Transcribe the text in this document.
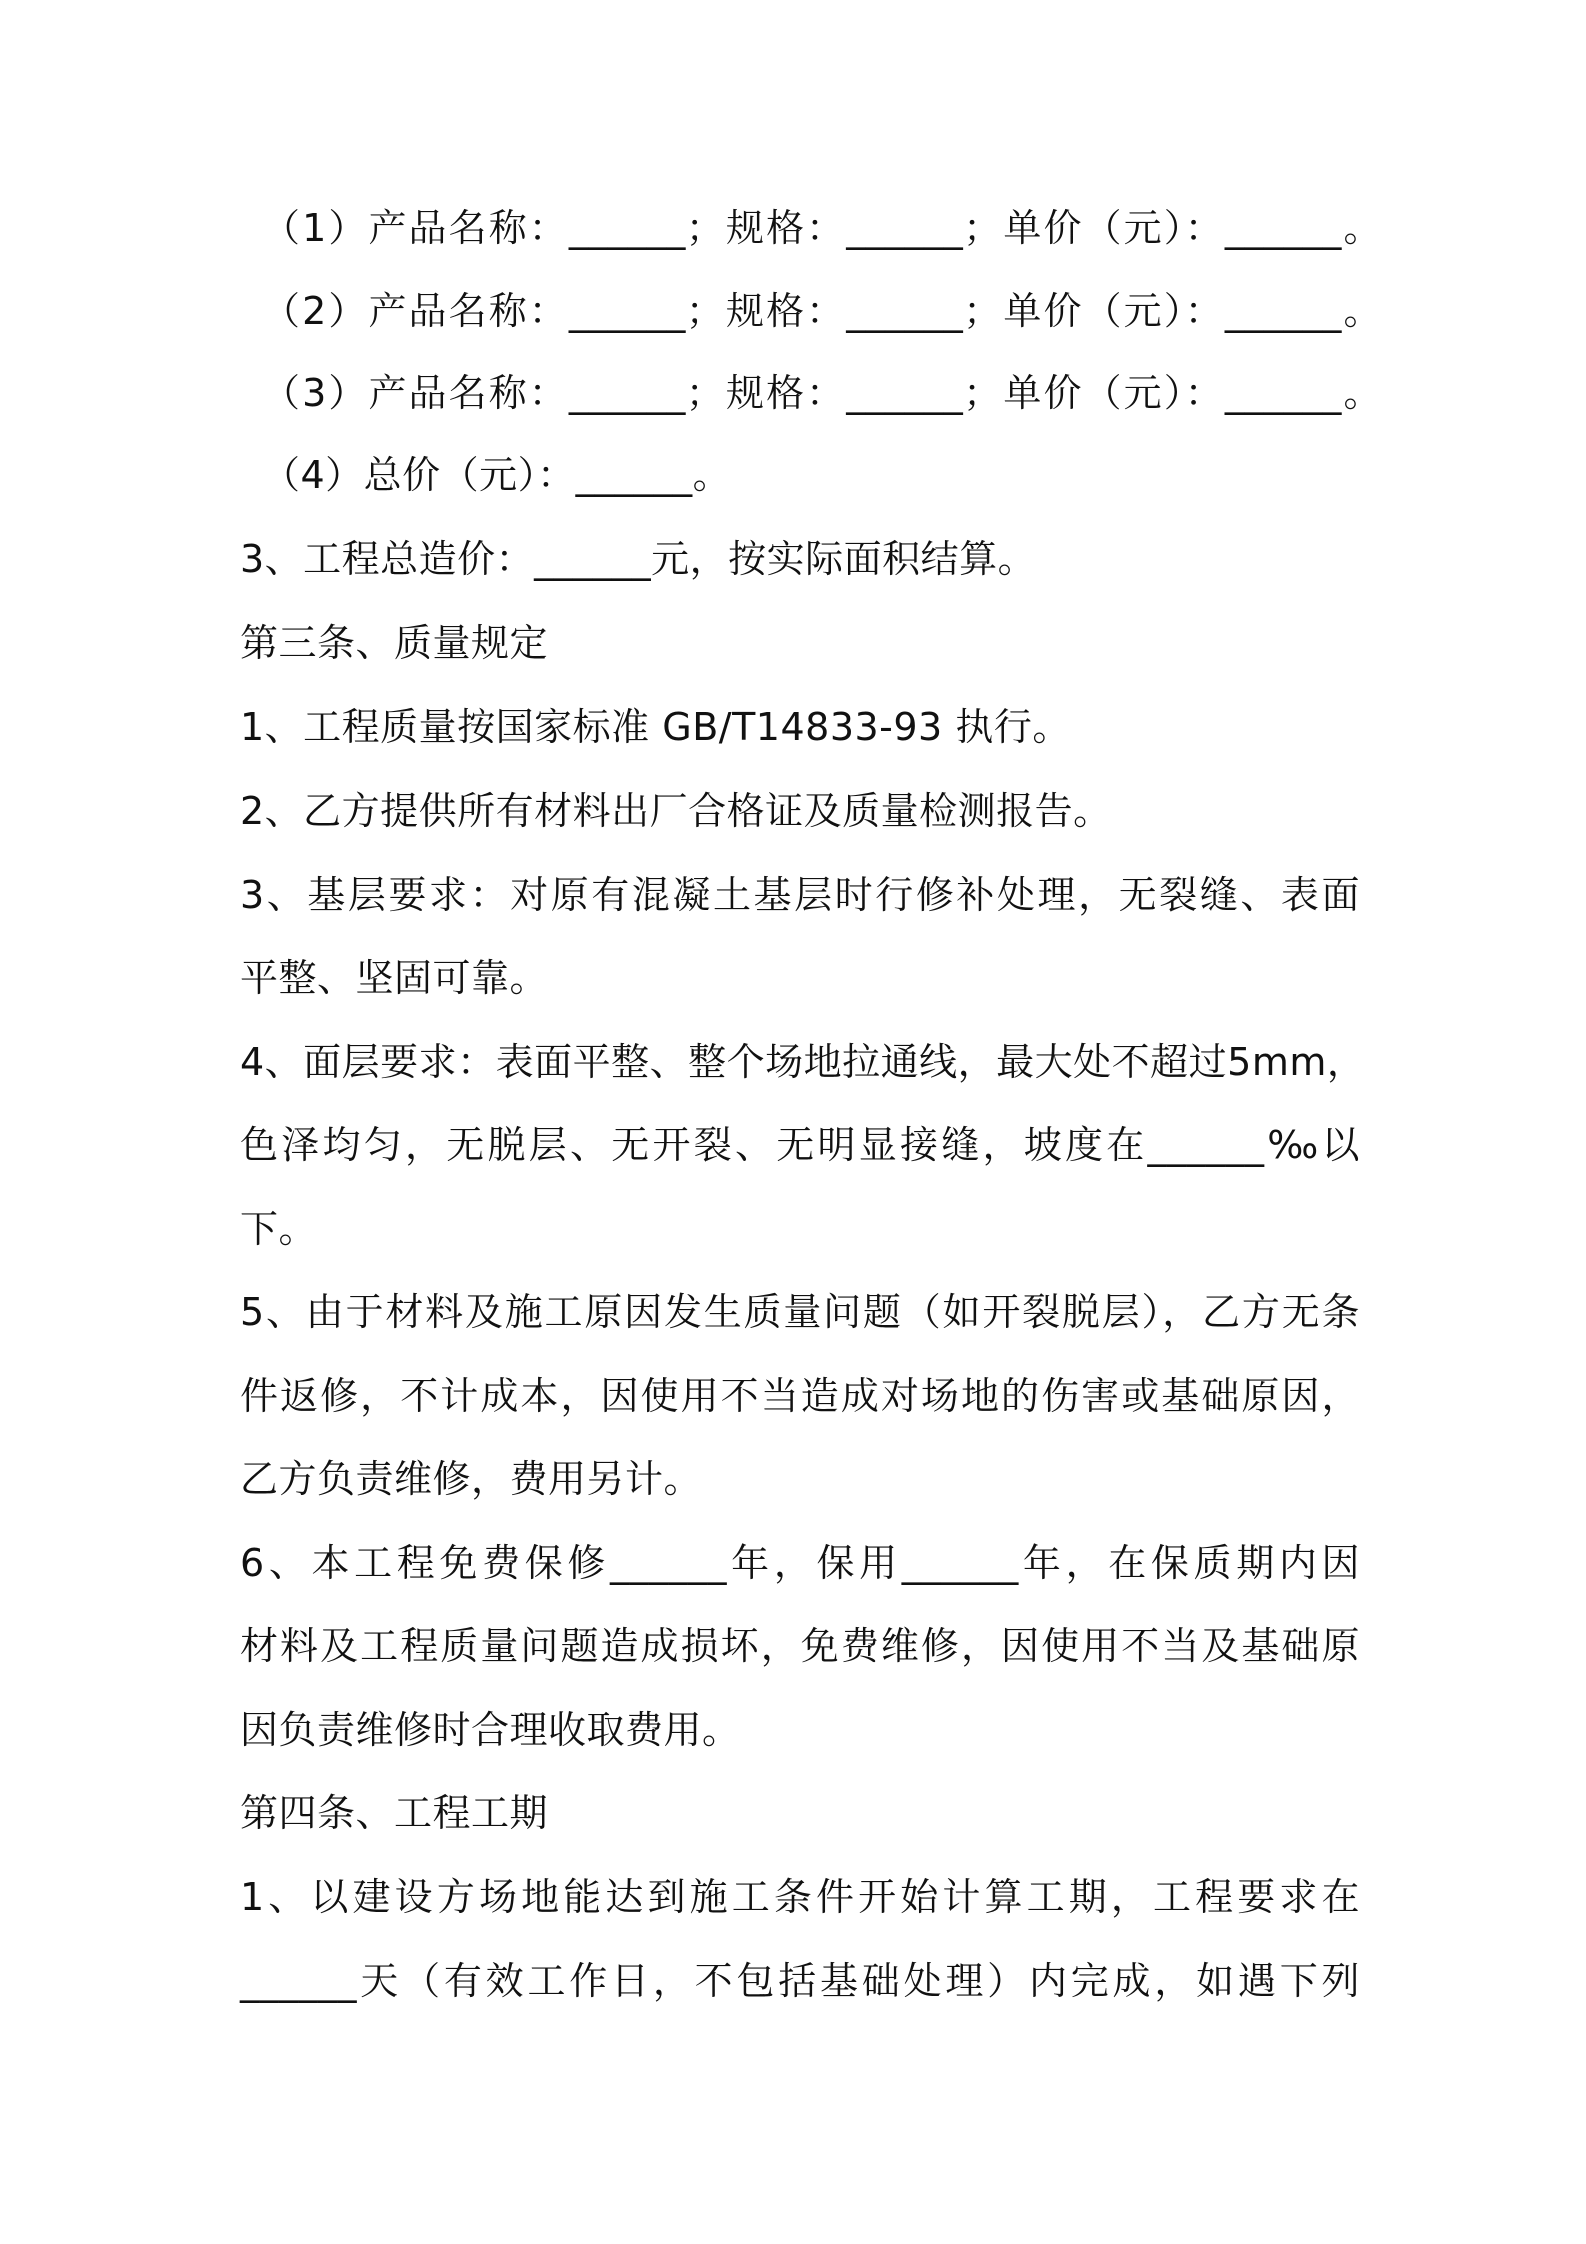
（1）产品名称：______；规格：______；单价（元）：______。
（2）产品名称：______；规格：______；单价（元）：______。
（3）产品名称：______；规格：______；单价（元）：______。
（4）总价（元）：______。
3、工程总造价：______元，按实际面积结算。
第三条、质量规定
1、工程质量按国家标准 GB/T14833-93 执行。
2、乙方提供所有材料出厂合格证及质量检测报告。
3、基层要求：对原有混凝土基层时行修补处理，无裂缝、表面
平整、坚固可靠。
4、面层要求：表面平整、整个场地拉通线，最大处不超过5mm，
色泽均匀，无脱层、无开裂、无明显接缝，坡度在______‰以
下。
5、由于材料及施工原因发生质量问题（如开裂脱层），乙方无条
件返修，不计成本，因使用不当造成对场地的伤害或基础原因，
乙方负责维修，费用另计。
6、本工程免费保修______年，保用______年，在保质期内因
材料及工程质量问题造成损坏，免费维修，因使用不当及基础原
因负责维修时合理收取费用。
第四条、工程工期
1、以建设方场地能达到施工条件开始计算工期，工程要求在
______天（有效工作日，不包括基础处理）内完成，如遇下列
